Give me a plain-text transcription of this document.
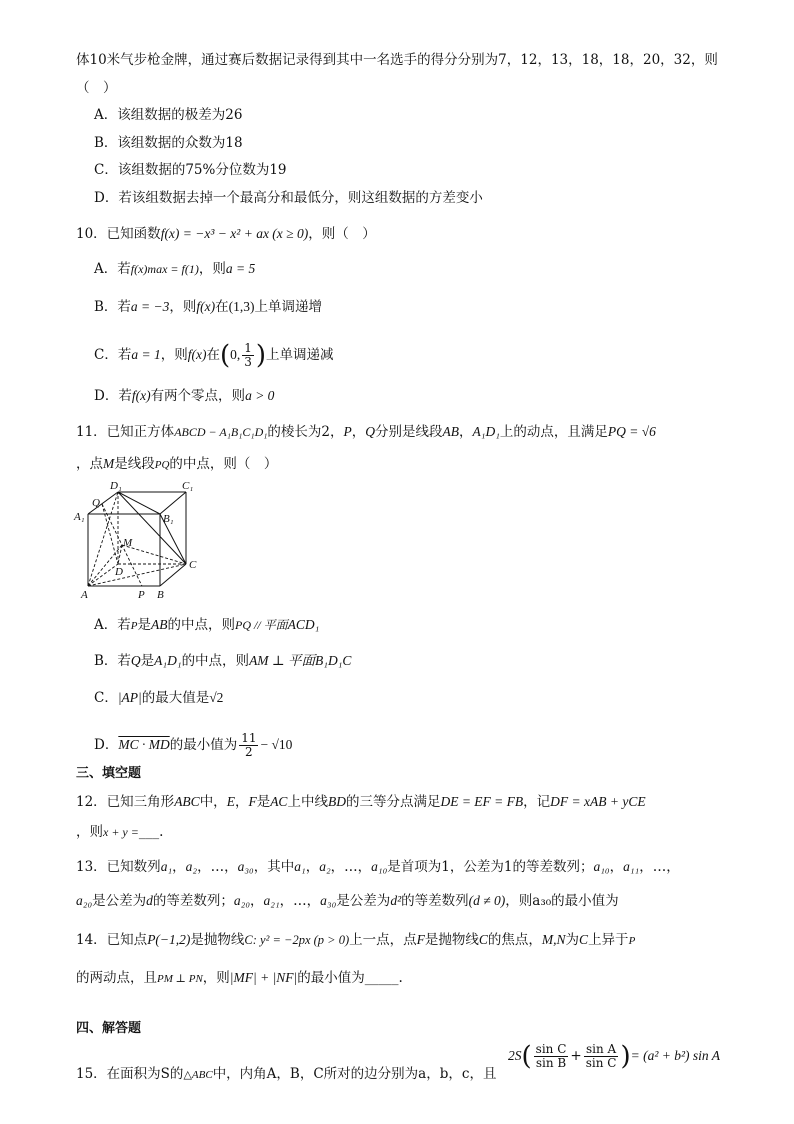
体10米气步枪金牌，通过赛后数据记录得到其中一名选手的得分分别为7，12，13，18，18，20，32，则
（　）
A．该组数据的极差为26
B．该组数据的众数为18
C．该组数据的75%分位数为19
D．若该组数据去掉一个最高分和最低分，则这组数据的方差变小
10．已知函数f(x) = −x³ − x² + ax (x ≥ 0)，则（　）
A．若f(x)max = f(1)，则a = 5
B．若a = −3，则f(x)在(1,3)上单调递增
C．若a = 1，则f(x)在(0, $\frac{1}{3}$ )上单调递减
D．若f(x)有两个零点，则a > 0
11．已知正方体ABCD − A₁B₁C₁D₁的棱长为2，P，Q分别是线段AB，A₁D₁上的动点，且满足PQ = √6
，点M是线段PQ的中点，则（　）
D₁	C₁
Q
A₁	B₁
M
D
C
A	P B
A．若P是AB的中点，则PQ // 平面ACD₁
B．若Q是A₁D₁的中点，则AM ⊥ 平面B₁D₁C
C．|AP|的最大值是√2
D．MC · MD的最小值为 $\frac{11}{2} - √10$
三、填空题
12．已知三角形ABC中，E，F是AC上中线BD的三等分点满足DE = EF = FB，记DF = xAB + yCE
，则x + y =___.
13．已知数列a₁，a₂，…，a₃₀，其中a₁，a₂，…，a₁₀是首项为1，公差为1的等差数列；a₁₀，a₁₁，…，
a₂₀是公差为d的等差数列；a₂₀，a₂₁，…，a₃₀是公差为d²的等差数列(d ≠ 0)，则a₃₀的最小值为
14．已知点P(−1,2)是抛物线C: y² = −2px (p > 0)上一点，点F是抛物线C的焦点，M,N为C上异于P
的两动点，且PM ⊥ PN，则|MF| + |NF|的最小值为_____.
四、解答题
15．在面积为S的△ABC中，内角A，B，C所对的边分别为a，b，c，且
$2S( \frac{\text{sin C}}{\text{sin B}} + \frac{\text{sin A}}{\text{sin C}}$ )= (a² + b²) sin A
